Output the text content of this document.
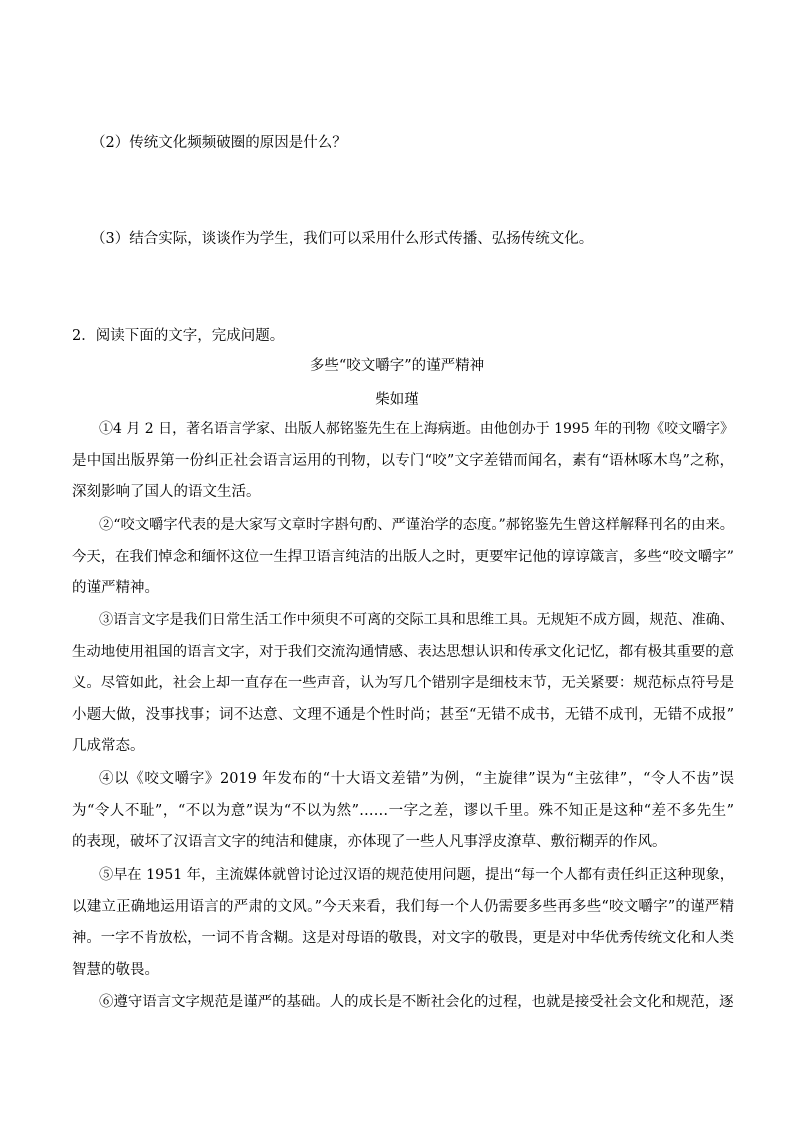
（2）传统文化频频破圈的原因是什么？
（3）结合实际，谈谈作为学生，我们可以采用什么形式传播、弘扬传统文化。
2．阅读下面的文字，完成问题。
多些“咬文嚼字”的谨严精神
柴如瑾
①4 月 2 日，著名语言学家、出版人郝铭鉴先生在上海病逝。由他创办于 1995 年的刊物《咬文嚼字》
是中国出版界第一份纠正社会语言运用的刊物，以专门“咬”文字差错而闻名，素有“语林啄木鸟”之称，
深刻影响了国人的语文生活。
②“咬文嚼字代表的是大家写文章时字斟句酌、严谨治学的态度。”郝铭鉴先生曾这样解释刊名的由来。
今天，在我们悼念和缅怀这位一生捍卫语言纯洁的出版人之时，更要牢记他的谆谆箴言，多些“咬文嚼字”
的谨严精神。
③语言文字是我们日常生活工作中须臾不可离的交际工具和思维工具。无规矩不成方圆，规范、准确、
生动地使用祖国的语言文字，对于我们交流沟通情感、表达思想认识和传承文化记忆，都有极其重要的意
义。尽管如此，社会上却一直存在一些声音，认为写几个错别字是细枝末节，无关紧要：规范标点符号是
小题大做，没事找事；词不达意、文理不通是个性时尚；甚至“无错不成书，无错不成刊，无错不成报”
几成常态。
④以《咬文嚼字》2019 年发布的“十大语文差错”为例，“主旋律”误为“主弦律”，“令人不齿”误
为“令人不耻”，“不以为意”误为“不以为然”……一字之差，谬以千里。殊不知正是这种“差不多先生”
的表现，破坏了汉语言文字的纯洁和健康，亦体现了一些人凡事浮皮潦草、敷衍糊弄的作风。
⑤早在 1951 年，主流媒体就曾讨论过汉语的规范使用问题，提出“每一个人都有责任纠正这种现象，
以建立正确地运用语言的严肃的文风。”今天来看，我们每一个人仍需要多些再多些“咬文嚼字”的谨严精
神。一字不肯放松，一词不肯含糊。这是对母语的敬畏，对文字的敬畏，更是对中华优秀传统文化和人类
智慧的敬畏。
⑥遵守语言文字规范是谨严的基础。人的成长是不断社会化的过程，也就是接受社会文化和规范，逐
